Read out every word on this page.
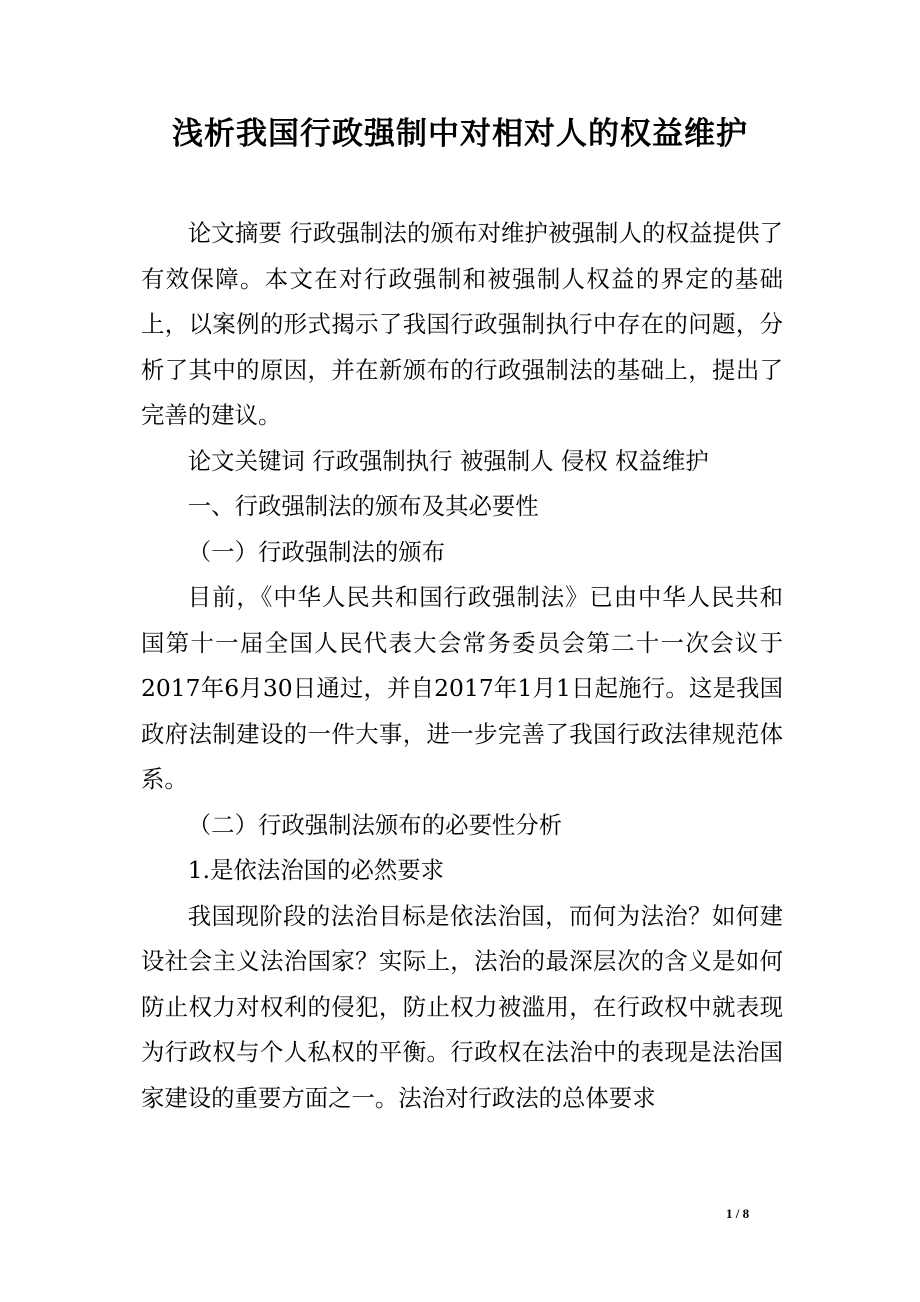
浅析我国行政强制中对相对人的权益维护

论文摘要 行政强制法的颁布对维护被强制人的权益提供了有效保障。本文在对行政强制和被强制人权益的界定的基础上，以案例的形式揭示了我国行政强制执行中存在的问题，分析了其中的原因，并在新颁布的行政强制法的基础上，提出了完善的建议。

论文关键词 行政强制执行 被强制人 侵权 权益维护

一、行政强制法的颁布及其必要性

（一）行政强制法的颁布

目前，《中华人民共和国行政强制法》已由中华人民共和国第十一届全国人民代表大会常务委员会第二十一次会议于2017年6月30日通过，并自2017年1月1日起施行。这是我国政府法制建设的一件大事，进一步完善了我国行政法律规范体系。

（二）行政强制法颁布的必要性分析

1.是依法治国的必然要求

我国现阶段的法治目标是依法治国，而何为法治？如何建设社会主义法治国家？实际上，法治的最深层次的含义是如何防止权力对权利的侵犯，防止权力被滥用，在行政权中就表现为行政权与个人私权的平衡。行政权在法治中的表现是法治国家建设的重要方面之一。法治对行政法的总体要求

1 / 8
